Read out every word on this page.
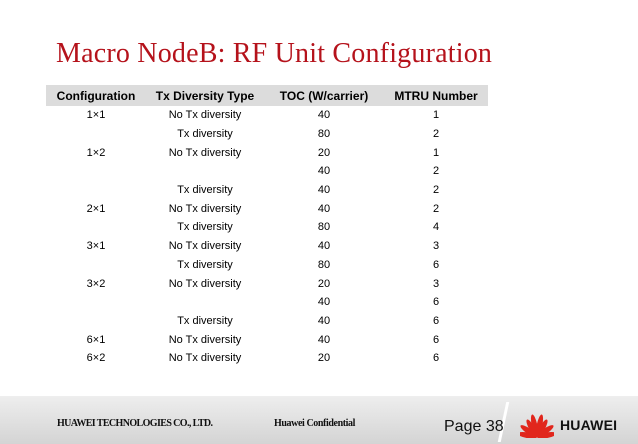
Macro NodeB: RF Unit Configuration
Configuration	Tx Diversity Type	TOC (W/carrier)	MTRU Number
1×1	No Tx diversity	40	1
	Tx diversity	80	2
1×2	No Tx diversity	20	1
		40	2
	Tx diversity	40	2
2×1	No Tx diversity	40	2
	Tx diversity	80	4
3×1	No Tx diversity	40	3
	Tx diversity	80	6
3×2	No Tx diversity	20	3
		40	6
	Tx diversity	40	6
6×1	No Tx diversity	40	6
6×2	No Tx diversity	20	6
HUAWEI TECHNOLOGIES CO., LTD.	Huawei Confidential	Page 38	HUAWEI
